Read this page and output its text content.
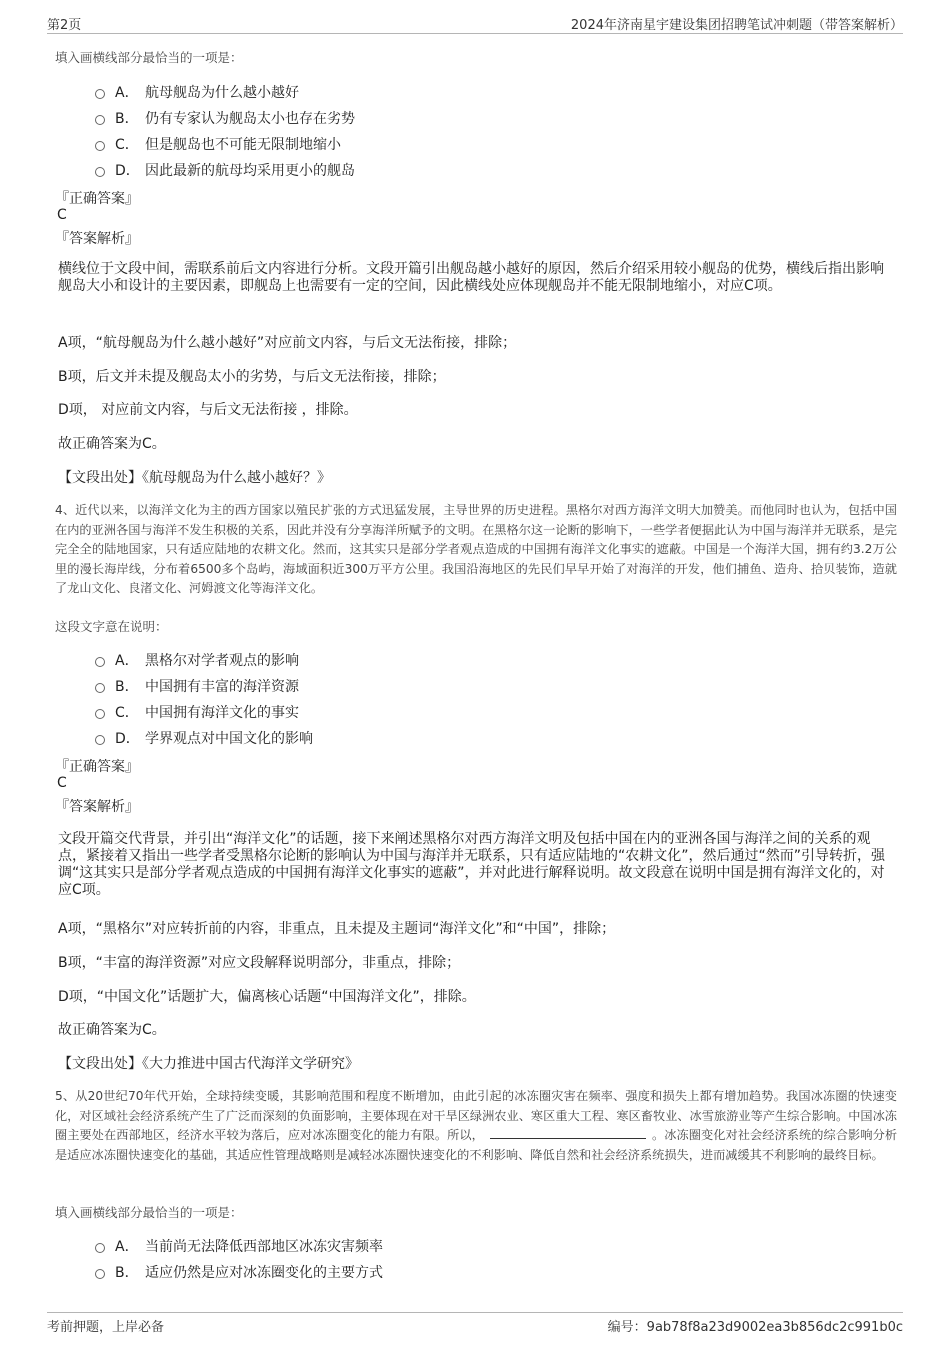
第2页	2024年济南星宇建设集团招聘笔试冲刺题（带答案解析）
填入画横线部分最恰当的一项是：
A． 航母舰岛为什么越小越好
B． 仍有专家认为舰岛太小也存在劣势
C． 但是舰岛也不可能无限制地缩小
D． 因此最新的航母均采用更小的舰岛
『正确答案』
C
『答案解析』
横线位于文段中间，需联系前后文内容进行分析。文段开篇引出舰岛越小越好的原因，然后介绍采用较小舰岛的优势，横线后指出影响舰岛大小和设计的主要因素，即舰岛上也需要有一定的空间，因此横线处应体现舰岛并不能无限制地缩小，对应C项。
A项，“航母舰岛为什么越小越好”对应前文内容，与后文无法衔接，排除；
B项，后文并未提及舰岛太小的劣势，与后文无法衔接，排除；
D项， 对应前文内容，与后文无法衔接 ，排除。
故正确答案为C。
【文段出处】《航母舰岛为什么越小越好？》
4、近代以来，以海洋文化为主的西方国家以殖民扩张的方式迅猛发展，主导世界的历史进程。黑格尔对西方海洋文明大加赞美。而他同时也认为，包括中国在内的亚洲各国与海洋不发生积极的关系，因此并没有分享海洋所赋予的文明。在黑格尔这一论断的影响下，一些学者便据此认为中国与海洋并无联系，是完完全全的陆地国家，只有适应陆地的农耕文化。然而，这其实只是部分学者观点造成的中国拥有海洋文化事实的遮蔽。中国是一个海洋大国，拥有约3.2万公里的漫长海岸线，分布着6500多个岛屿，海域面积近300万平方公里。我国沿海地区的先民们早早开始了对海洋的开发，他们捕鱼、造舟、拾贝装饰，造就了龙山文化、良渚文化、河姆渡文化等海洋文化。
这段文字意在说明：
A． 黑格尔对学者观点的影响
B． 中国拥有丰富的海洋资源
C． 中国拥有海洋文化的事实
D． 学界观点对中国文化的影响
『正确答案』
C
『答案解析』
文段开篇交代背景，并引出“海洋文化”的话题，接下来阐述黑格尔对西方海洋文明及包括中国在内的亚洲各国与海洋之间的关系的观点，紧接着又指出一些学者受黑格尔论断的影响认为中国与海洋并无联系，只有适应陆地的“农耕文化”，然后通过“然而”引导转折，强调“这其实只是部分学者观点造成的中国拥有海洋文化事实的遮蔽”，并对此进行解释说明。故文段意在说明中国是拥有海洋文化的，对应C项。
A项，“黑格尔”对应转折前的内容，非重点，且未提及主题词“海洋文化”和“中国”，排除；
B项，“丰富的海洋资源”对应文段解释说明部分，非重点，排除；
D项，“中国文化”话题扩大，偏离核心话题“中国海洋文化”，排除。
故正确答案为C。
【文段出处】《大力推进中国古代海洋文学研究》
5、从20世纪70年代开始，全球持续变暖，其影响范围和程度不断增加，由此引起的冰冻圈灾害在频率、强度和损失上都有增加趋势。我国冰冻圈的快速变化，对区域社会经济系统产生了广泛而深刻的负面影响，主要体现在对干旱区绿洲农业、寒区重大工程、寒区畜牧业、冰雪旅游业等产生综合影响。中国冰冻圈主要处在西部地区，经济水平较为落后，应对冰冻圈变化的能力有限。所以，	。冰冻圈变化对社会经济系统的综合影响分析是适应冰冻圈快速变化的基础，其适应性管理战略则是减轻冰冻圈快速变化的不利影响、降低自然和社会经济系统损失，进而减缓其不利影响的最终目标。
填入画横线部分最恰当的一项是：
A． 当前尚无法降低西部地区冰冻灾害频率
B． 适应仍然是应对冰冻圈变化的主要方式
考前押题，上岸必备	编号：9ab78f8a23d9002ea3b856dc2c991b0c
